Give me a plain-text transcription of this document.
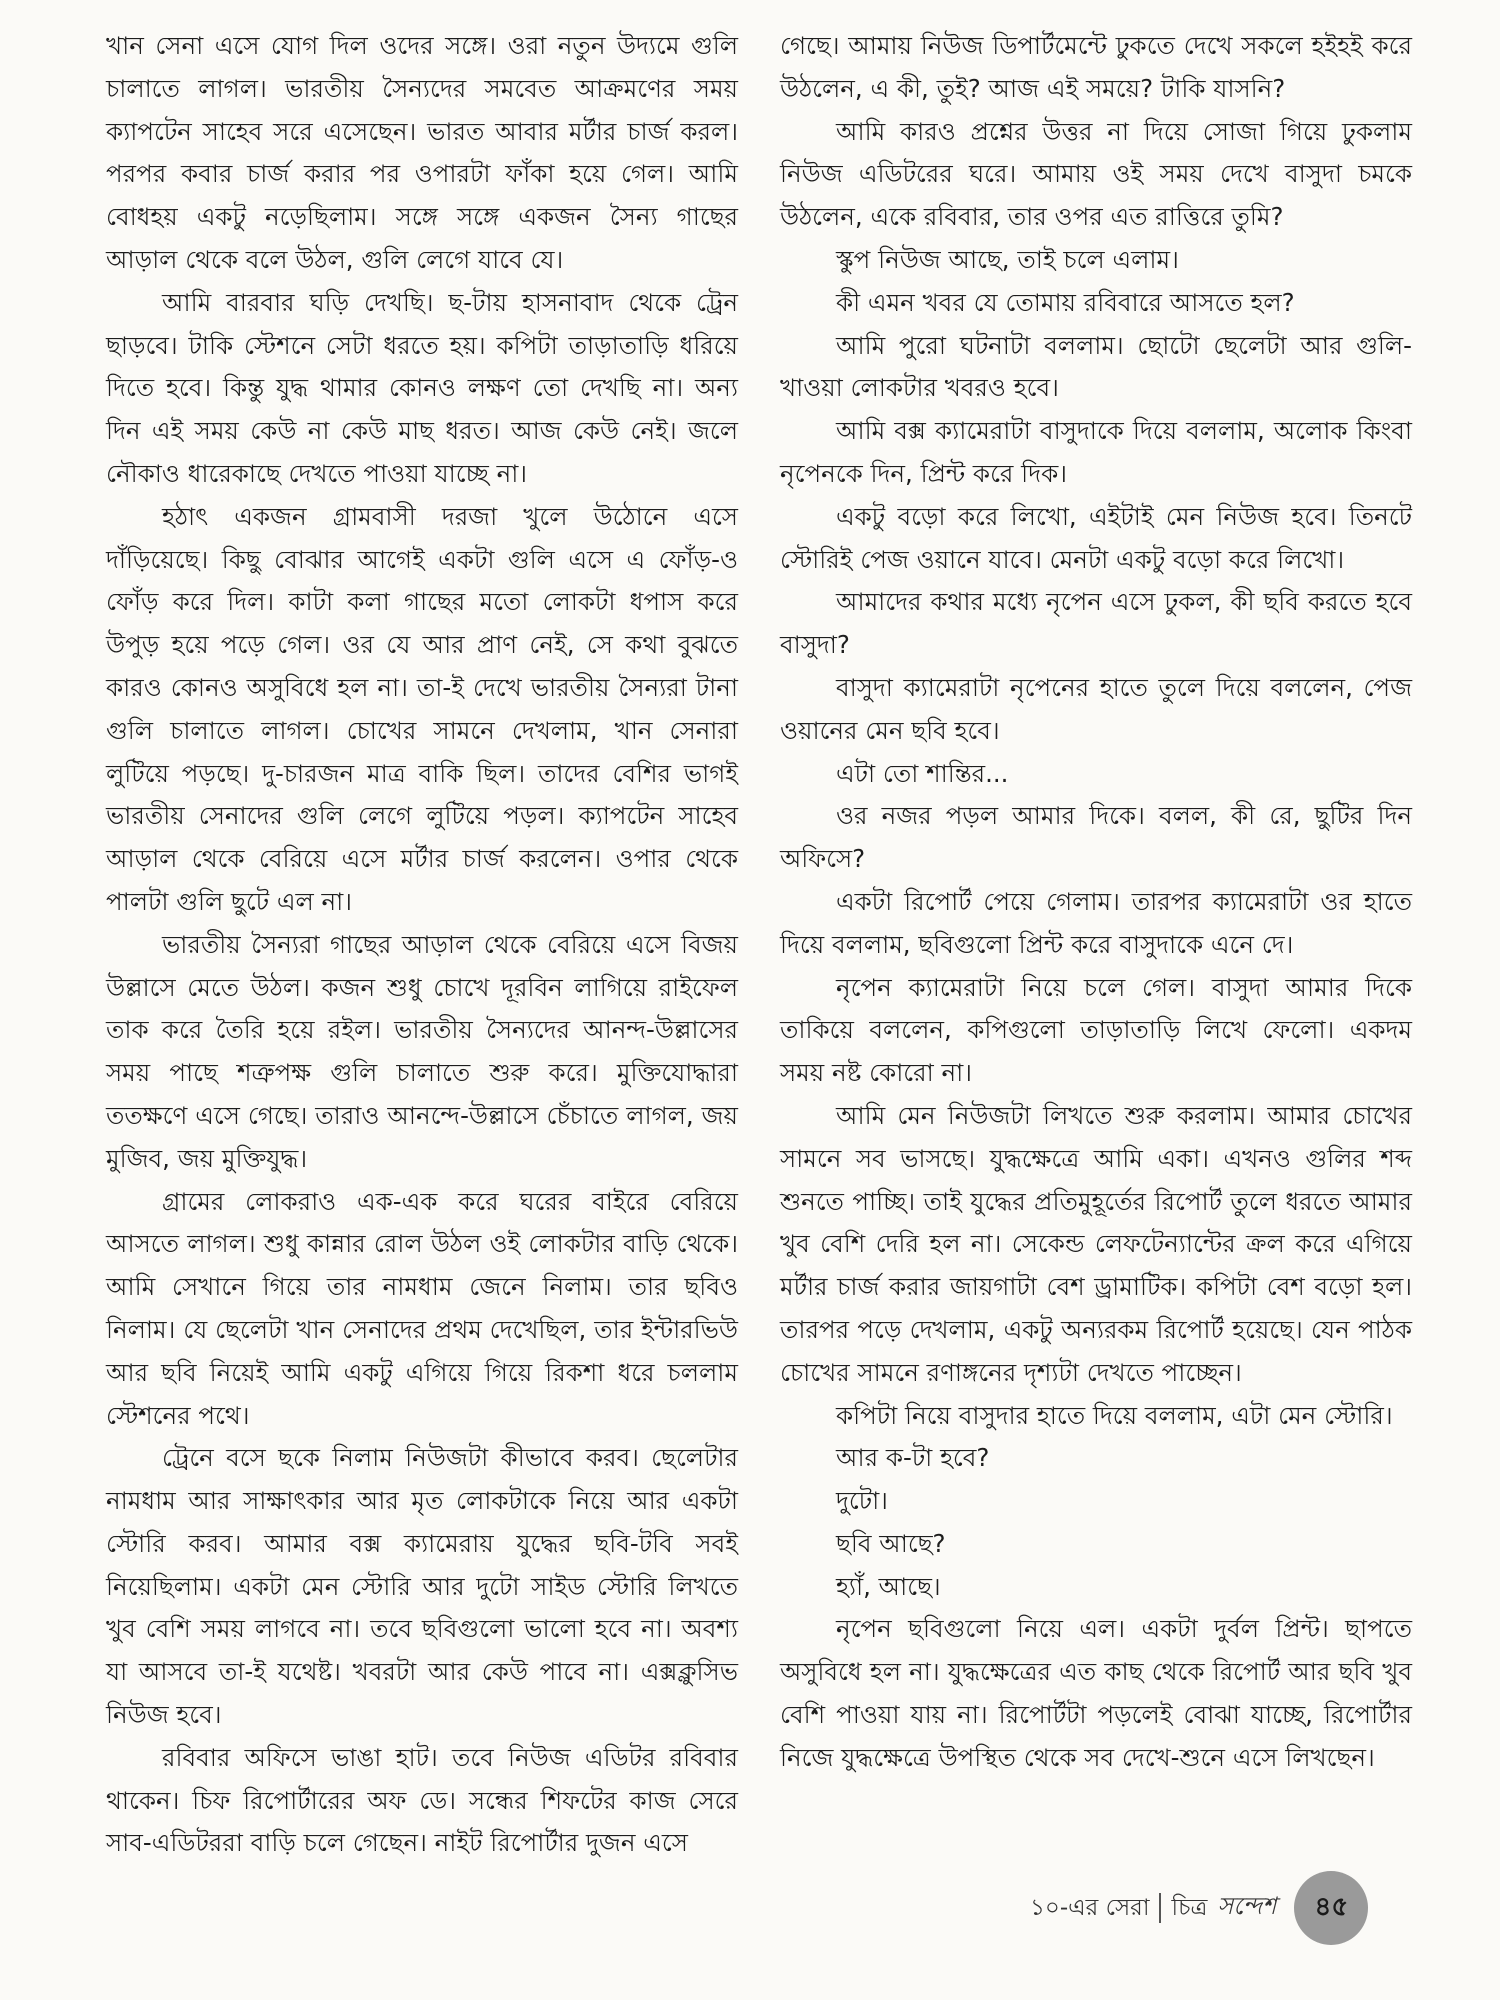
খান সেনা এসে যোগ দিল ওদের সঙ্গে। ওরা নতুন উদ্যমে গুলি চালাতে লাগল। ভারতীয় সৈন্যদের সমবেত আক্রমণের সময় ক্যাপটেন সাহেব সরে এসেছেন। ভারত আবার মর্টার চার্জ করল। পরপর কবার চার্জ করার পর ওপারটা ফাঁকা হয়ে গেল। আমি বোধহয় একটু নড়েছিলাম। সঙ্গে সঙ্গে একজন সৈন্য গাছের আড়াল থেকে বলে উঠল, গুলি লেগে যাবে যে।

আমি বারবার ঘড়ি দেখছি। ছ-টায় হাসনাবাদ থেকে ট্রেন ছাড়বে। টাকি স্টেশনে সেটা ধরতে হয়। কপিটা তাড়াতাড়ি ধরিয়ে দিতে হবে। কিন্তু যুদ্ধ থামার কোনও লক্ষণ তো দেখছি না। অন্য দিন এই সময় কেউ না কেউ মাছ ধরত। আজ কেউ নেই। জলে নৌকাও ধারেকাছে দেখতে পাওয়া যাচ্ছে না।

হঠাৎ একজন গ্রামবাসী দরজা খুলে উঠোনে এসে দাঁড়িয়েছে। কিছু বোঝার আগেই একটা গুলি এসে এ ফোঁড়-ও ফোঁড় করে দিল। কাটা কলা গাছের মতো লোকটা ধপাস করে উপুড় হয়ে পড়ে গেল। ওর যে আর প্রাণ নেই, সে কথা বুঝতে কারও কোনও অসুবিধে হল না। তা-ই দেখে ভারতীয় সৈন্যরা টানা গুলি চালাতে লাগল। চোখের সামনে দেখলাম, খান সেনারা লুটিয়ে পড়ছে। দু-চারজন মাত্র বাকি ছিল। তাদের বেশির ভাগই ভারতীয় সেনাদের গুলি লেগে লুটিয়ে পড়ল। ক্যাপটেন সাহেব আড়াল থেকে বেরিয়ে এসে মর্টার চার্জ করলেন। ওপার থেকে পালটা গুলি ছুটে এল না।

ভারতীয় সৈন্যরা গাছের আড়াল থেকে বেরিয়ে এসে বিজয় উল্লাসে মেতে উঠল। কজন শুধু চোখে দূরবিন লাগিয়ে রাইফেল তাক করে তৈরি হয়ে রইল। ভারতীয় সৈন্যদের আনন্দ-উল্লাসের সময় পাছে শত্রুপক্ষ গুলি চালাতে শুরু করে। মুক্তিযোদ্ধারা ততক্ষণে এসে গেছে। তারাও আনন্দে-উল্লাসে চেঁচাতে লাগল, জয় মুজিব, জয় মুক্তিযুদ্ধ।

গ্রামের লোকরাও এক-এক করে ঘরের বাইরে বেরিয়ে আসতে লাগল। শুধু কান্নার রোল উঠল ওই লোকটার বাড়ি থেকে। আমি সেখানে গিয়ে তার নামধাম জেনে নিলাম। তার ছবিও নিলাম। যে ছেলেটা খান সেনাদের প্রথম দেখেছিল, তার ইন্টারভিউ আর ছবি নিয়েই আমি একটু এগিয়ে গিয়ে রিকশা ধরে চললাম স্টেশনের পথে।

ট্রেনে বসে ছকে নিলাম নিউজটা কীভাবে করব। ছেলেটার নামধাম আর সাক্ষাৎকার আর মৃত লোকটাকে নিয়ে আর একটা স্টোরি করব। আমার বক্স ক্যামেরায় যুদ্ধের ছবি-টবি সবই নিয়েছিলাম। একটা মেন স্টোরি আর দুটো সাইড স্টোরি লিখতে খুব বেশি সময় লাগবে না। তবে ছবিগুলো ভালো হবে না। অবশ্য যা আসবে তা-ই যথেষ্ট। খবরটা আর কেউ পাবে না। এক্সক্লুসিভ নিউজ হবে।

রবিবার অফিসে ভাঙা হাট। তবে নিউজ এডিটর রবিবার থাকেন। চিফ রিপোর্টারের অফ ডে। সন্ধের শিফটের কাজ সেরে সাব-এডিটররা বাড়ি চলে গেছেন। নাইট রিপোর্টার দুজন এসে

গেছে। আমায় নিউজ ডিপার্টমেন্টে ঢুকতে দেখে সকলে হইহই করে উঠলেন, এ কী, তুই? আজ এই সময়ে? টাকি যাসনি?

আমি কারও প্রশ্নের উত্তর না দিয়ে সোজা গিয়ে ঢুকলাম নিউজ এডিটরের ঘরে। আমায় ওই সময় দেখে বাসুদা চমকে উঠলেন, একে রবিবার, তার ওপর এত রাত্তিরে তুমি?

স্কুপ নিউজ আছে, তাই চলে এলাম।

কী এমন খবর যে তোমায় রবিবারে আসতে হল?

আমি পুরো ঘটনাটা বললাম। ছোটো ছেলেটা আর গুলি-খাওয়া লোকটার খবরও হবে।

আমি বক্স ক্যামেরাটা বাসুদাকে দিয়ে বললাম, অলোক কিংবা নৃপেনকে দিন, প্রিন্ট করে দিক।

একটু বড়ো করে লিখো, এইটাই মেন নিউজ হবে। তিনটে স্টোরিই পেজ ওয়ানে যাবে। মেনটা একটু বড়ো করে লিখো।

আমাদের কথার মধ্যে নৃপেন এসে ঢুকল, কী ছবি করতে হবে বাসুদা?

বাসুদা ক্যামেরাটা নৃপেনের হাতে তুলে দিয়ে বললেন, পেজ ওয়ানের মেন ছবি হবে।

এটা তো শান্তির...

ওর নজর পড়ল আমার দিকে। বলল, কী রে, ছুটির দিন অফিসে?

একটা রিপোর্ট পেয়ে গেলাম। তারপর ক্যামেরাটা ওর হাতে দিয়ে বললাম, ছবিগুলো প্রিন্ট করে বাসুদাকে এনে দে।

নৃপেন ক্যামেরাটা নিয়ে চলে গেল। বাসুদা আমার দিকে তাকিয়ে বললেন, কপিগুলো তাড়াতাড়ি লিখে ফেলো। একদম সময় নষ্ট কোরো না।

আমি মেন নিউজটা লিখতে শুরু করলাম। আমার চোখের সামনে সব ভাসছে। যুদ্ধক্ষেত্রে আমি একা। এখনও গুলির শব্দ শুনতে পাচ্ছি। তাই যুদ্ধের প্রতিমুহূর্তের রিপোর্ট তুলে ধরতে আমার খুব বেশি দেরি হল না। সেকেন্ড লেফটেন্যান্টের ক্রল করে এগিয়ে মর্টার চার্জ করার জায়গাটা বেশ ড্রামাটিক। কপিটা বেশ বড়ো হল। তারপর পড়ে দেখলাম, একটু অন্যরকম রিপোর্ট হয়েছে। যেন পাঠক চোখের সামনে রণাঙ্গনের দৃশ্যটা দেখতে পাচ্ছেন।

কপিটা নিয়ে বাসুদার হাতে দিয়ে বললাম, এটা মেন স্টোরি।

আর ক-টা হবে?

দুটো।

ছবি আছে?

হ্যাঁ, আছে।

নৃপেন ছবিগুলো নিয়ে এল। একটা দুর্বল প্রিন্ট। ছাপতে অসুবিধে হল না। যুদ্ধক্ষেত্রের এত কাছ থেকে রিপোর্ট আর ছবি খুব বেশি পাওয়া যায় না। রিপোর্টটা পড়লেই বোঝা যাচ্ছে, রিপোর্টার নিজে যুদ্ধক্ষেত্রে উপস্থিত থেকে সব দেখে-শুনে এসে লিখছেন।

১০-এর সেরা চিত্র সন্দেশ ৪৫
